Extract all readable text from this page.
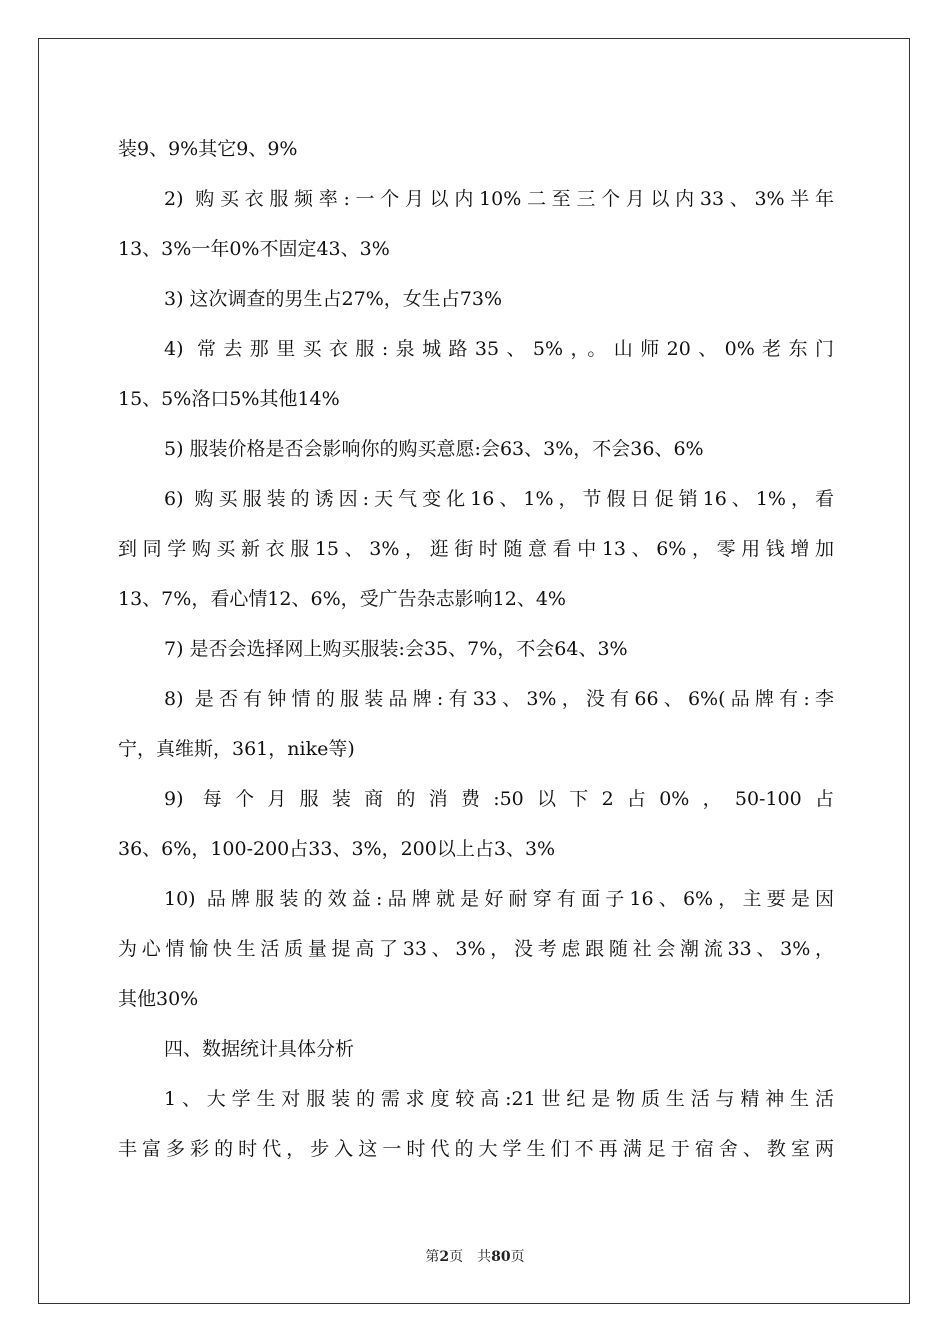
装9、9%其它9、9%
2) 购买衣服频率:一个月以内10%二至三个月以内33、3%半年
13、3%一年0%不固定43、3%
3) 这次调查的男生占27%，女生占73%
4) 常去那里买衣服:泉城路35、5%，。山师20、0%老东门
15、5%洛口5%其他14%
5) 服装价格是否会影响你的购买意愿:会63、3%，不会36、6%
6) 购买服装的诱因:天气变化16、1%，节假日促销16、1%，看
到同学购买新衣服15、3%，逛街时随意看中13、6%，零用钱增加
13、7%，看心情12、6%，受广告杂志影响12、4%
7) 是否会选择网上购买服装:会35、7%，不会64、3%
8) 是否有钟情的服装品牌:有33、3%，没有66、6%(品牌有:李
宁，真维斯，361，nike等)
9) 每个月服装商的消费:50以下2占0%，50-100占
36、6%，100-200占33、3%，200以上占3、3%
10) 品牌服装的效益:品牌就是好耐穿有面子16、6%，主要是因
为心情愉快生活质量提高了33、3%，没考虑跟随社会潮流33、3%，
其他30%
四、数据统计具体分析
1、大学生对服装的需求度较高:21世纪是物质生活与精神生活
丰富多彩的时代，步入这一时代的大学生们不再满足于宿舍、教室两
第2页　共80页
